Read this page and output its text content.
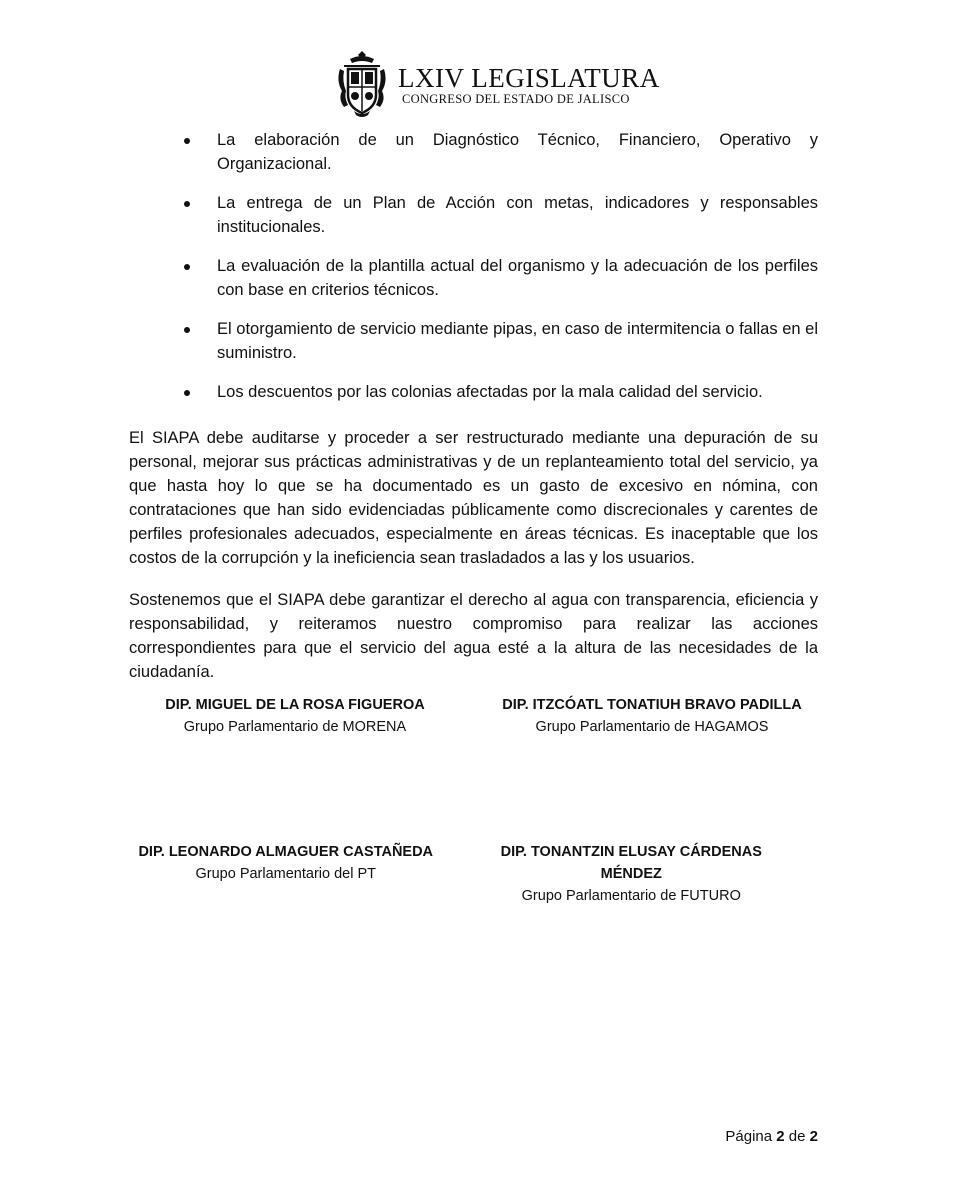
LXIV LEGISLATURA
CONGRESO DEL ESTADO DE JALISCO
La elaboración de un Diagnóstico Técnico, Financiero, Operativo y Organizacional.
La entrega de un Plan de Acción con metas, indicadores y responsables institucionales.
La evaluación de la plantilla actual del organismo y la adecuación de los perfiles con base en criterios técnicos.
El otorgamiento de servicio mediante pipas, en caso de intermitencia o fallas en el suministro.
Los descuentos por las colonias afectadas por la mala calidad del servicio.

El SIAPA debe auditarse y proceder a ser restructurado mediante una depuración de su personal, mejorar sus prácticas administrativas y de un replanteamiento total del servicio, ya que hasta hoy lo que se ha documentado es un gasto de excesivo en nómina, con contrataciones que han sido evidenciadas públicamente como discrecionales y carentes de perfiles profesionales adecuados, especialmente en áreas técnicas. Es inaceptable que los costos de la corrupción y la ineficiencia sean trasladados a las y los usuarios.

Sostenemos que el SIAPA debe garantizar el derecho al agua con transparencia, eficiencia y responsabilidad, y reiteramos nuestro compromiso para realizar las acciones correspondientes para que el servicio del agua esté a la altura de las necesidades de la ciudadanía.

DIP. MIGUEL DE LA ROSA FIGUEROA
Grupo Parlamentario de MORENA
DIP. ITZCÓATL TONATIUH BRAVO PADILLA
Grupo Parlamentario de HAGAMOS
DIP. LEONARDO ALMAGUER CASTAÑEDA
Grupo Parlamentario del PT
DIP. TONANTZIN ELUSAY CÁRDENAS MÉNDEZ
Grupo Parlamentario de FUTURO
Página 2 de 2
